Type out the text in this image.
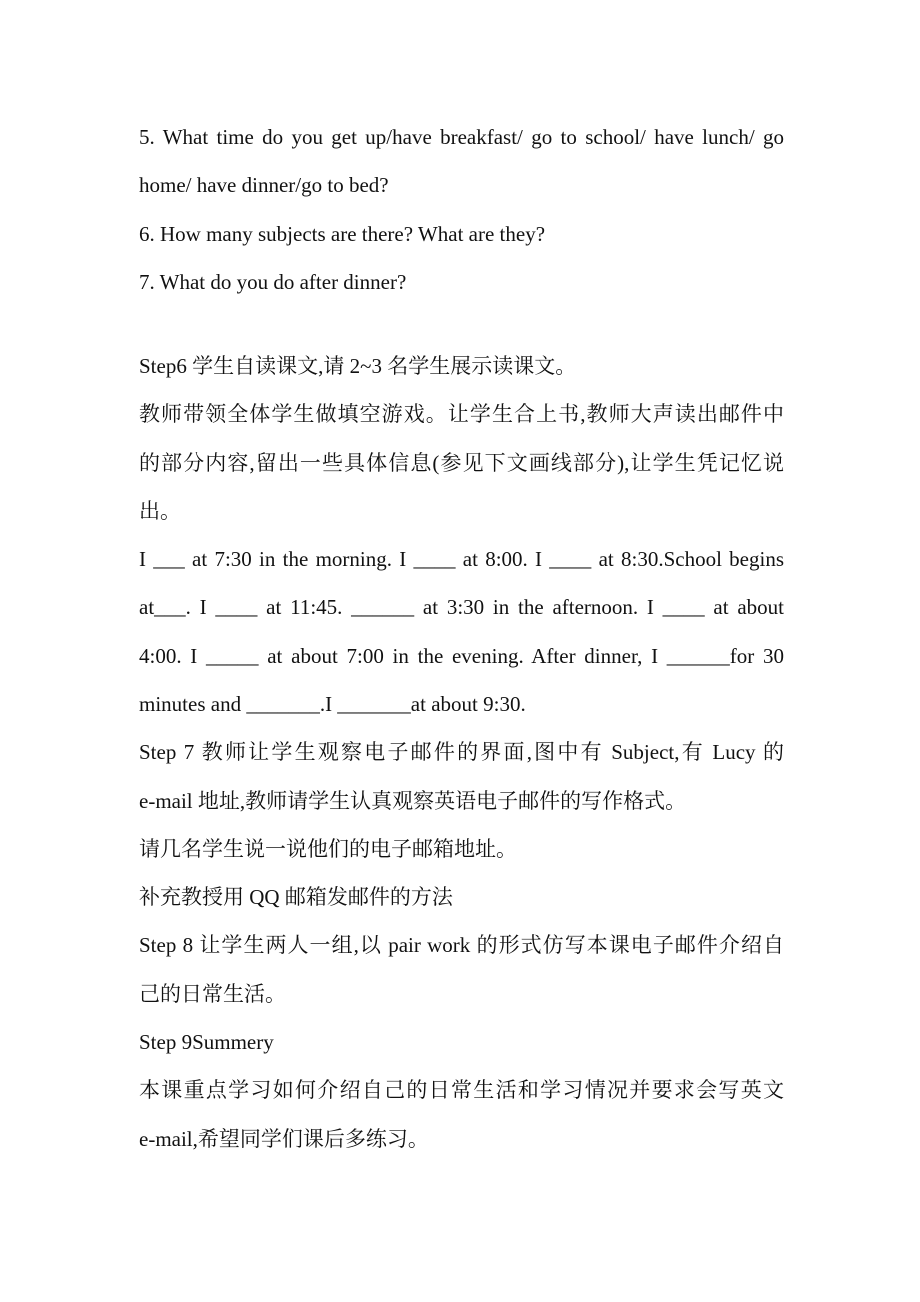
5. What time do you get up/have breakfast/ go to school/ have lunch/ go
home/ have dinner/go to bed?
6. How many subjects are there? What are they?
7. What do you do after dinner?
Step6 学生自读课文,请 2~3 名学生展示读课文。
教师带领全体学生做填空游戏。让学生合上书,教师大声读出邮件中
的部分内容,留出一些具体信息(参见下文画线部分),让学生凭记忆说
出。
I ___ at 7:30 in the morning. I ____ at 8:00. I ____ at 8:30.School begins
at___. I ____ at 11:45. ______ at 3:30 in the afternoon. I ____ at about
4:00. I _____ at about 7:00 in the evening. After dinner, I ______for 30
minutes and _______.I _______at about 9:30.
Step 7 教师让学生观察电子邮件的界面,图中有 Subject,有 Lucy 的
e-mail 地址,教师请学生认真观察英语电子邮件的写作格式。
请几名学生说一说他们的电子邮箱地址。
补充教授用 QQ 邮箱发邮件的方法
Step 8 让学生两人一组,以 pair work 的形式仿写本课电子邮件介绍自
己的日常生活。
Step 9Summery
本课重点学习如何介绍自己的日常生活和学习情况并要求会写英文
e-mail,希望同学们课后多练习。
